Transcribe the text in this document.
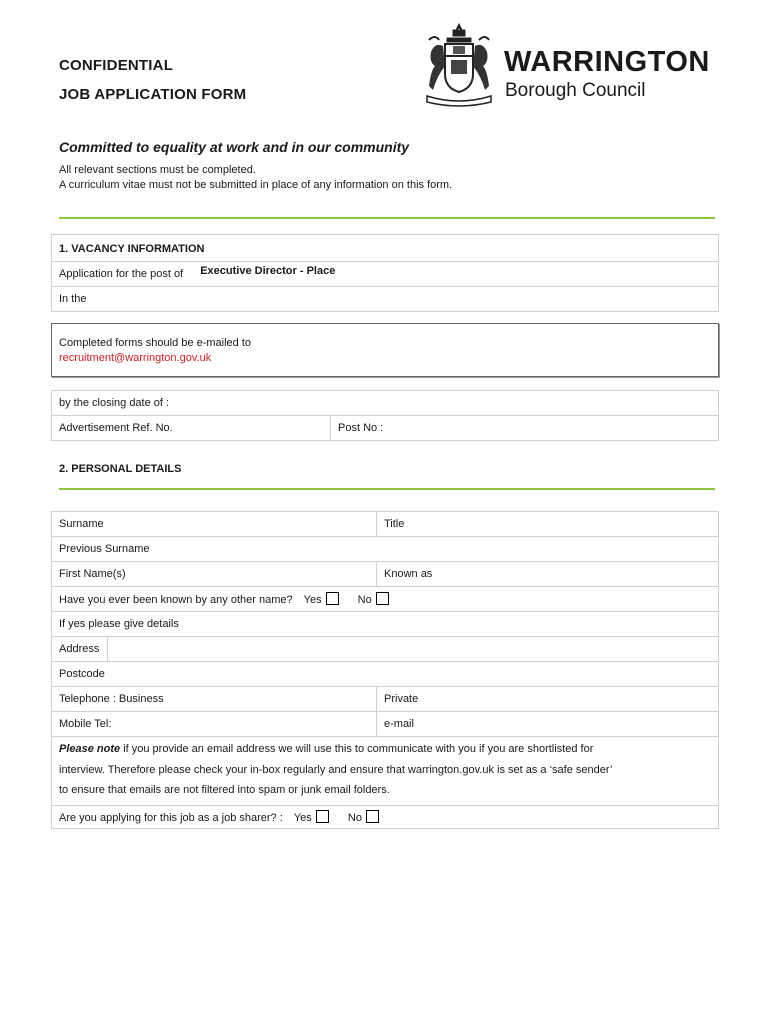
CONFIDENTIAL
JOB APPLICATION FORM
WARRINGTON
Borough Council
Committed to equality at work and in our community
All relevant sections must be completed.
A curriculum vitae must not be submitted in place of any information on this form.
1. VACANCY INFORMATION
Application for the post of Executive Director - Place
In the
Completed forms should be e-mailed to
recruitment@warrington.gov.uk
by the closing date of :
Advertisement Ref. No.	Post No :
2. PERSONAL DETAILS
Surname	Title
Previous Surname	
First Name(s)	Known as
Have you ever been known by any other name? Yes No	
If yes please give details	

Address	

Postcode	
Telephone : Business	Private
Mobile Tel:	e-mail
Please note if you provide an email address we will use this to communicate with you if you are shortlisted for
interview. Therefore please check your in-box regularly and ensure that warrington.gov.uk is set as a ‘safe sender’
to ensure that emails are not filtered into spam or junk email folders.	
Are you applying for this job as a job sharer? : Yes No	
